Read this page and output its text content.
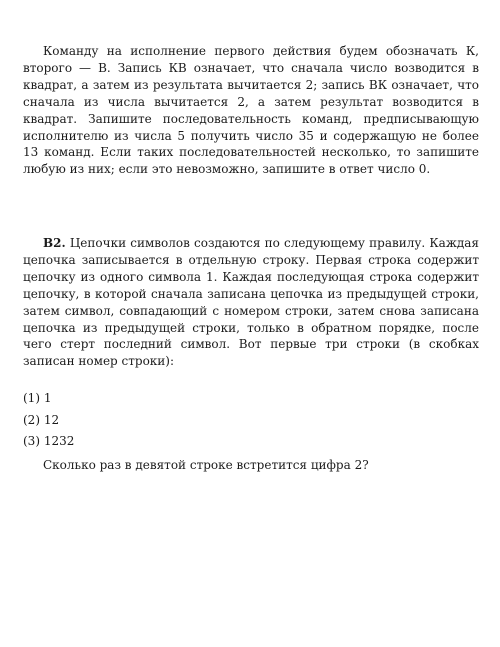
Команду на исполнение первого действия будем обозначать К, второго — В. Запись КВ означает, что сначала число возводится в квадрат, а затем из результата вычитается 2; запись ВК означает, что сначала из числа вычитается 2, а затем результат возводится в квадрат. Запишите последовательность команд, предписывающую исполнителю из числа 5 получить число 35 и содержащую не более 13 команд. Если таких последовательностей несколько, то запишите любую из них; если это невозможно, запишите в ответ число 0.
B2. Цепочки символов создаются по следующему правилу. Каждая цепочка записывается в отдельную строку. Первая строка содержит цепочку из одного символа 1. Каждая последующая строка содержит цепочку, в которой сначала записана цепочка из предыдущей строки, затем символ, совпадающий с номером строки, затем снова записана цепочка из предыдущей строки, только в обратном порядке, после чего стерт последний символ. Вот первые три строки (в скобках записан номер строки):
(1) 1
(2) 12
(3) 1232
Сколько раз в девятой строке встретится цифра 2?
